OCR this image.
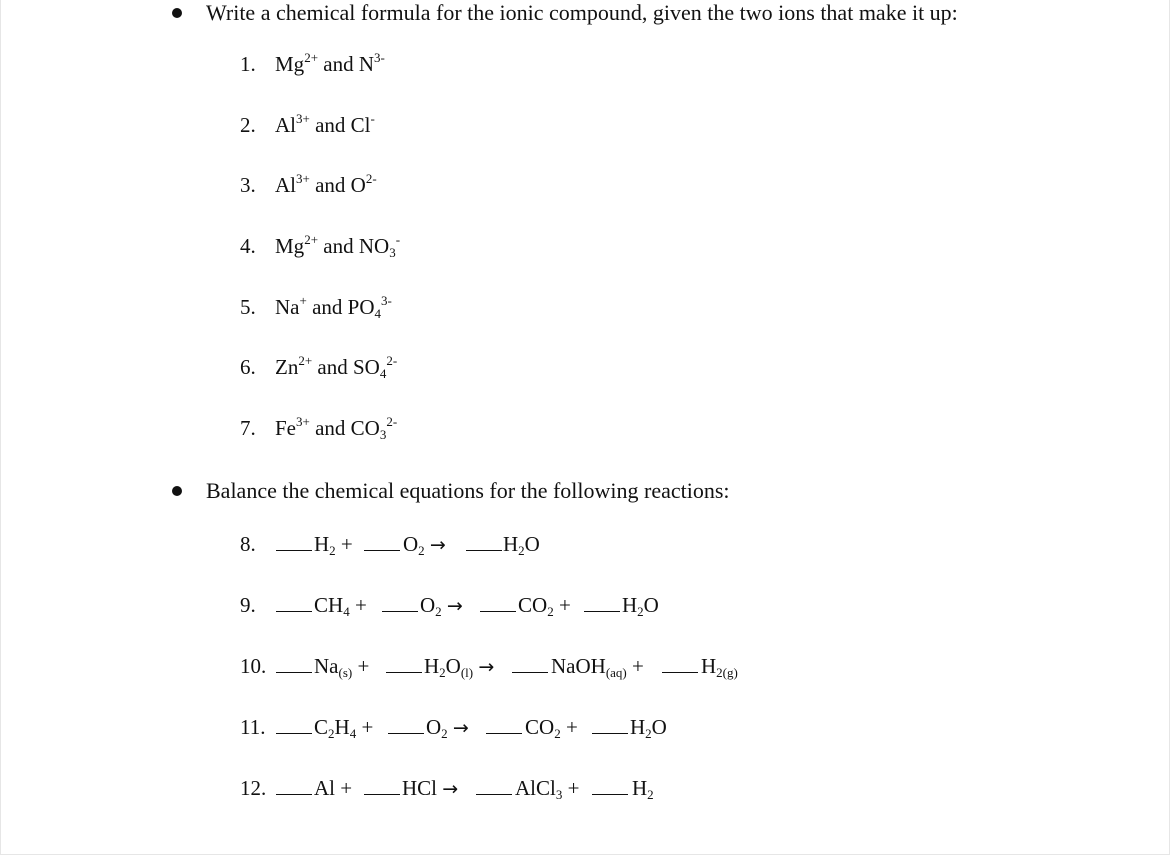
Write a chemical formula for the ionic compound, given the two ions that make it up:
1. $Mg^{2+}$ and $N^{3-}$
2. $Al^{3+}$ and Cl-
3. $Al^{3+}$ and $O^{2-}$
4. $Mg^{2+}$ and NO3-
5. Na+ and $PO4^{3-}$
6. $Zn^{2+}$ and $SO4^{2-}$
7. $Fe^{3+}$ and $CO3^{2-}$
Balance the chemical equations for the following reactions:
8.	H2 + O2 →	H2O
9.	CH4 +	O2 →	CO2 + H2O
10. Na(s) +	H2O(l) →	NaOH(aq) +	H2(g)
11. C2H4 +	O2 →	CO2 + H2O
12. Al + HCl →	AlCl3 +	H2
